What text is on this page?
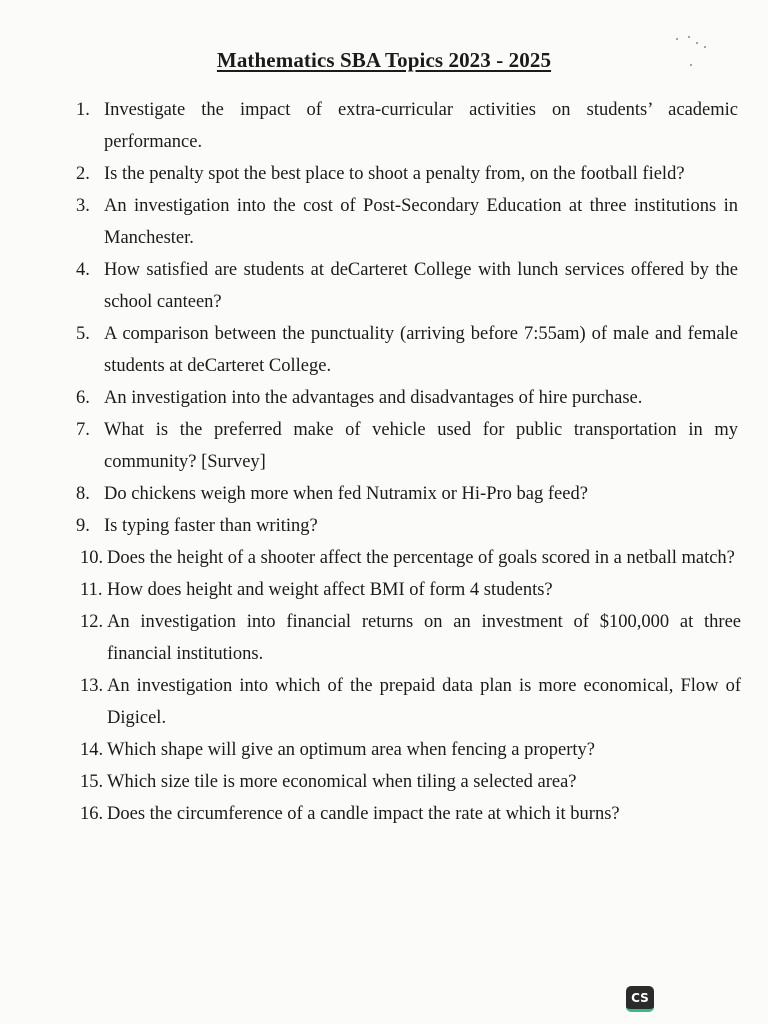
Mathematics SBA Topics 2023 - 2025
1. Investigate the impact of extra-curricular activities on students’ academic performance.
2. Is the penalty spot the best place to shoot a penalty from, on the football field?
3. An investigation into the cost of Post-Secondary Education at three institutions in Manchester.
4. How satisfied are students at deCarteret College with lunch services offered by the school canteen?
5. A comparison between the punctuality (arriving before 7:55am) of male and female students at deCarteret College.
6. An investigation into the advantages and disadvantages of hire purchase.
7. What is the preferred make of vehicle used for public transportation in my community? [Survey]
8. Do chickens weigh more when fed Nutramix or Hi-Pro bag feed?
9. Is typing faster than writing?
10. Does the height of a shooter affect the percentage of goals scored in a netball match?
11. How does height and weight affect BMI of form 4 students?
12. An investigation into financial returns on an investment of $100,000 at three financial institutions.
13. An investigation into which of the prepaid data plan is more economical, Flow of Digicel.
14. Which shape will give an optimum area when fencing a property?
15. Which size tile is more economical when tiling a selected area?
16. Does the circumference of a candle impact the rate at which it burns?
CS
